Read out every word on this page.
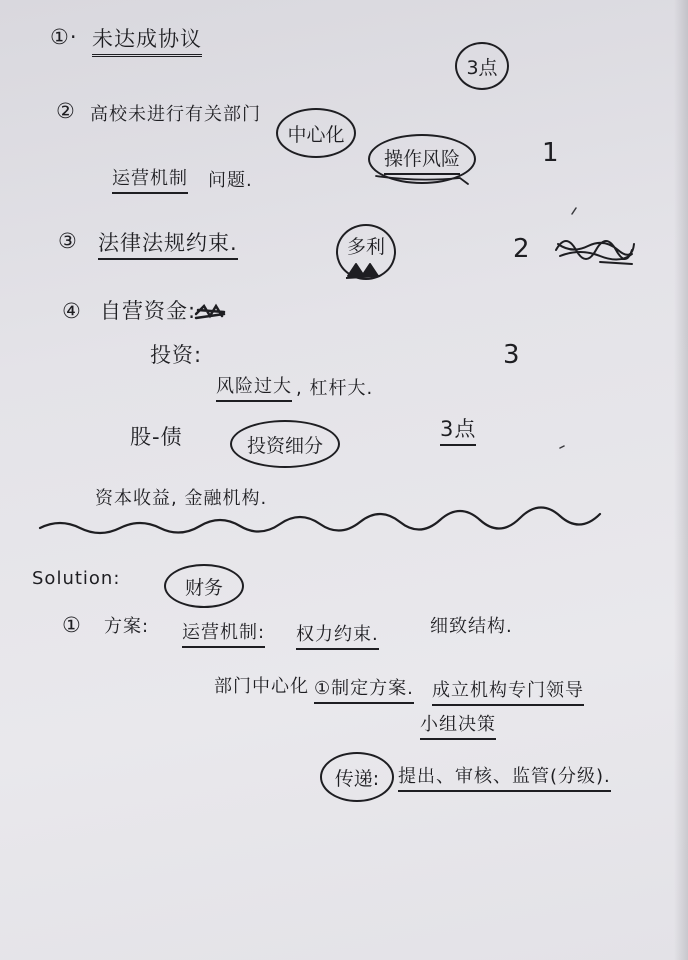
①· 未达成协议
3点
② 高校未进行有关部门
中心化
操作风险	1
运营机制 问题.
③ 法律法规约束.	多利	2
④ 自营资金:
投资:	3
风险过大 , 杠杆大.
股-债	投资细分
3点
资本收益, 金融机构.
Solution:	财务
① 方案: 运营机制: 权力约束.	细致结构.
部门中心化 ①制定方案. 成立机构专门领导
小组决策
传递: 提出、审核、监管(分级).
